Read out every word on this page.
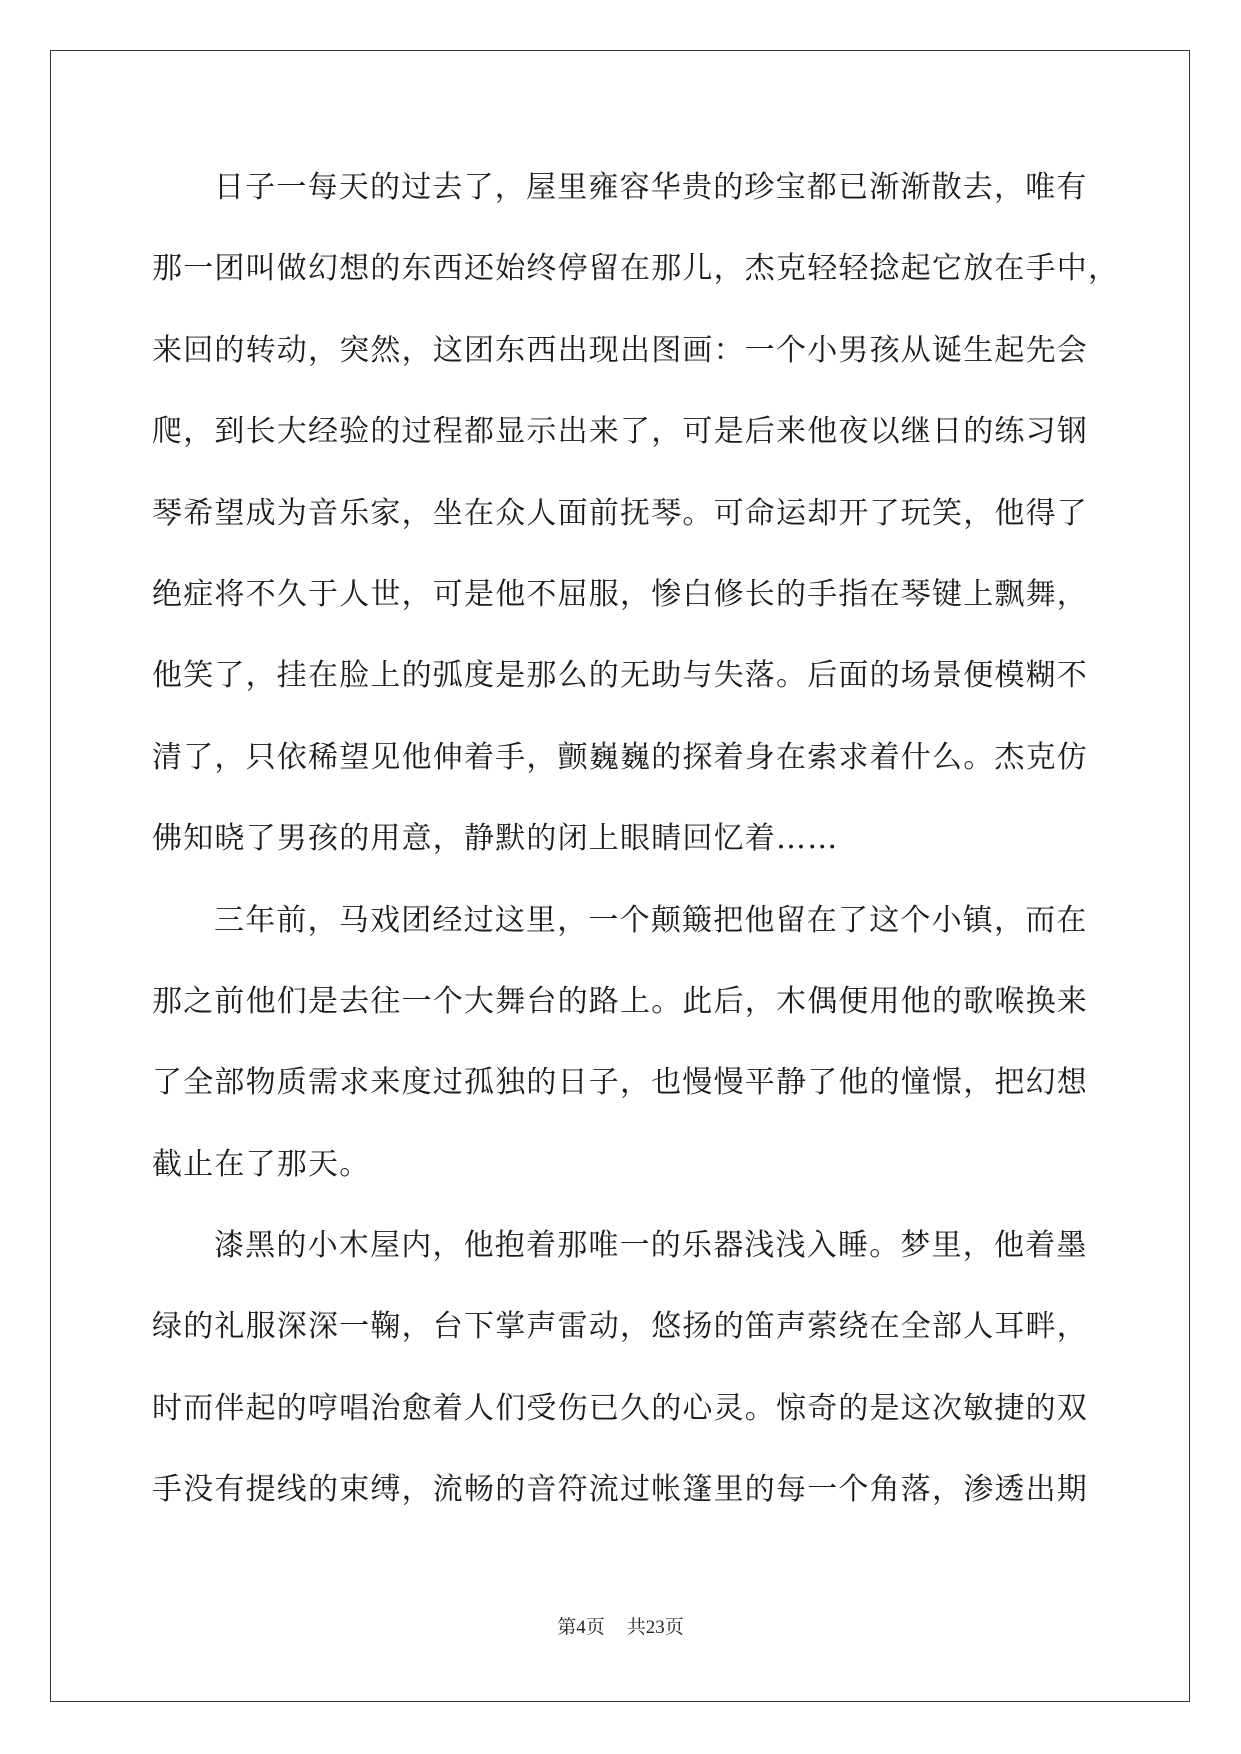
日子一每天的过去了，屋里雍容华贵的珍宝都已渐渐散去，唯有
那一团叫做幻想的东西还始终停留在那儿，杰克轻轻捻起它放在手中，
来回的转动，突然，这团东西出现出图画：一个小男孩从诞生起先会
爬，到长大经验的过程都显示出来了，可是后来他夜以继日的练习钢
琴希望成为音乐家，坐在众人面前抚琴。可命运却开了玩笑，他得了
绝症将不久于人世，可是他不屈服，惨白修长的手指在琴键上飘舞，
他笑了，挂在脸上的弧度是那么的无助与失落。后面的场景便模糊不
清了，只依稀望见他伸着手，颤巍巍的探着身在索求着什么。杰克仿
佛知晓了男孩的用意，静默的闭上眼睛回忆着……
三年前，马戏团经过这里，一个颠簸把他留在了这个小镇，而在
那之前他们是去往一个大舞台的路上。此后，木偶便用他的歌喉换来
了全部物质需求来度过孤独的日子，也慢慢平静了他的憧憬，把幻想
截止在了那天。
漆黑的小木屋内，他抱着那唯一的乐器浅浅入睡。梦里，他着墨
绿的礼服深深一鞠，台下掌声雷动，悠扬的笛声萦绕在全部人耳畔，
时而伴起的哼唱治愈着人们受伤已久的心灵。惊奇的是这次敏捷的双
手没有提线的束缚，流畅的音符流过帐篷里的每一个角落，渗透出期
第4页 共23页
